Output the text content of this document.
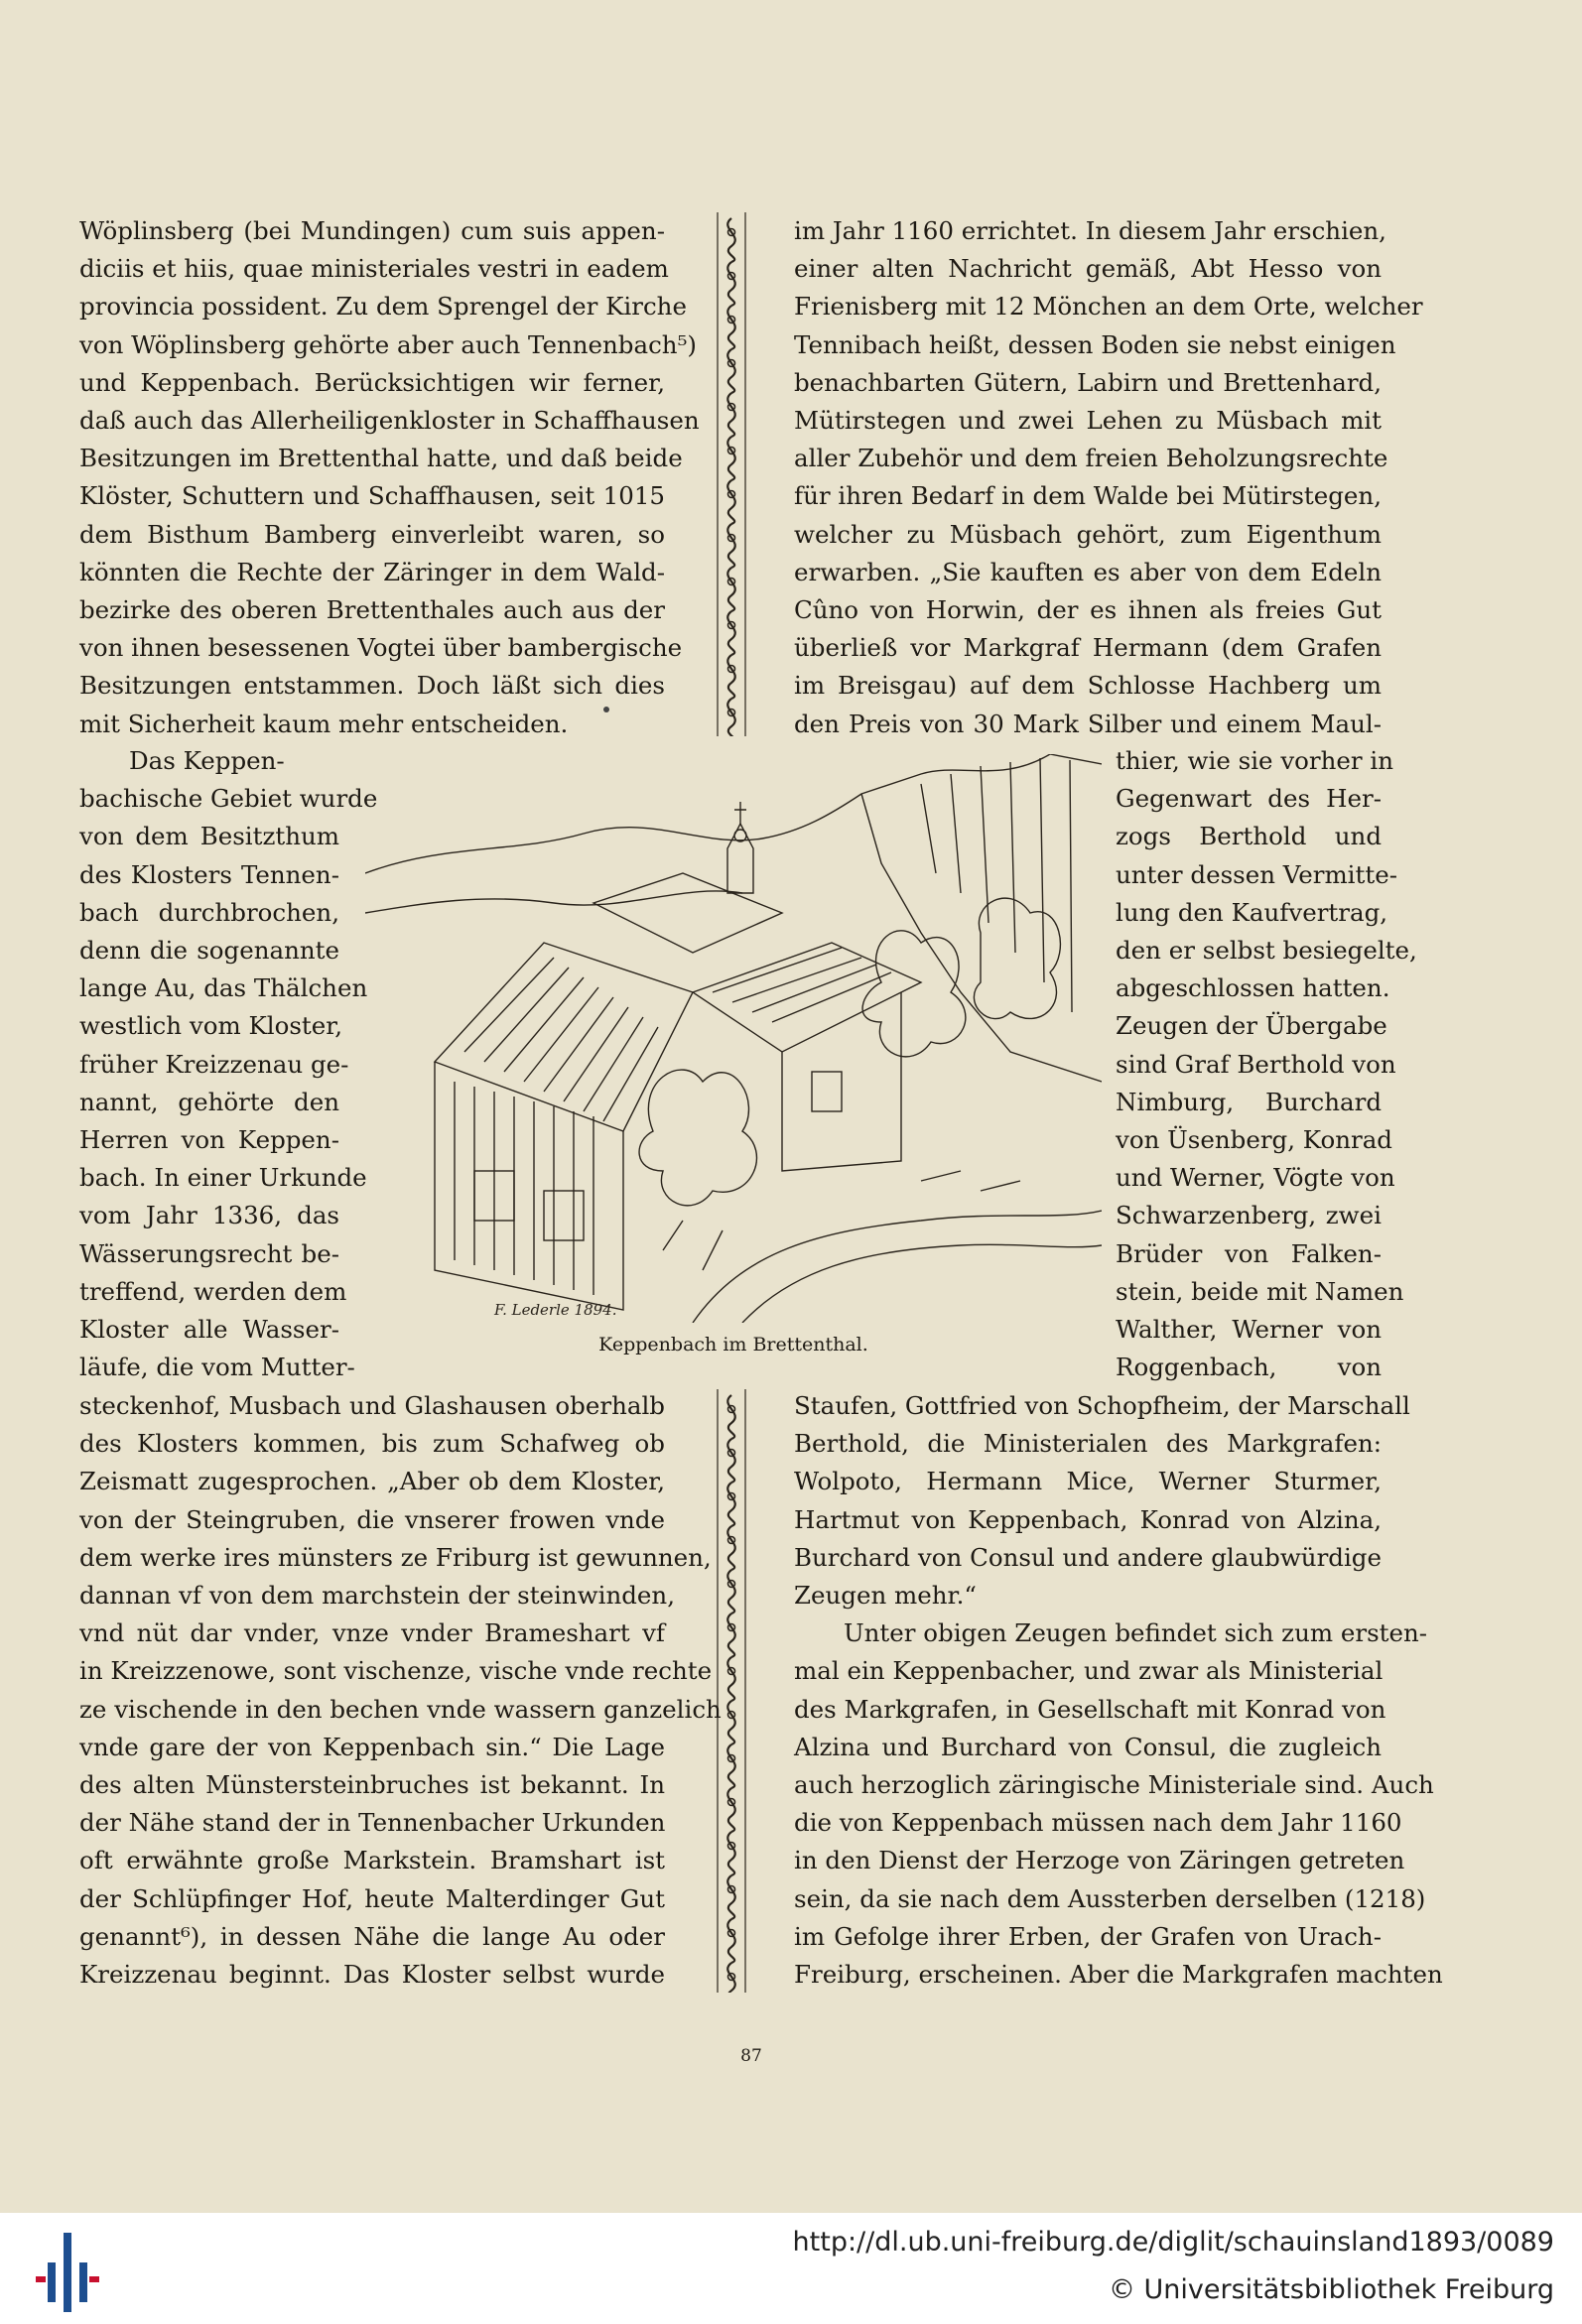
Wöplinsberg (bei Mundingen) cum suis appen-
diciis et hiis, quae ministeriales vestri in eadem
provincia possident. Zu dem Sprengel der Kirche
von Wöplinsberg gehörte aber auch Tennenbach⁵)
und Keppenbach. Berücksichtigen wir ferner,
daß auch das Allerheiligenkloster in Schaffhausen
Besitzungen im Brettenthal hatte, und daß beide
Klöster, Schuttern und Schaffhausen, seit 1015
dem Bisthum Bamberg einverleibt waren, so
könnten die Rechte der Zäringer in dem Wald-
bezirke des oberen Brettenthales auch aus der
von ihnen besessenen Vogtei über bambergische
Besitzungen entstammen. Doch läßt sich dies
mit Sicherheit kaum mehr entscheiden.
im Jahr 1160 errichtet. In diesem Jahr erschien,
einer alten Nachricht gemäß, Abt Hesso von
Frienisberg mit 12 Mönchen an dem Orte, welcher
Tennibach heißt, dessen Boden sie nebst einigen
benachbarten Gütern, Labirn und Brettenhard,
Mütirstegen und zwei Lehen zu Müsbach mit
aller Zubehör und dem freien Beholzungsrechte
für ihren Bedarf in dem Walde bei Mütirstegen,
welcher zu Müsbach gehört, zum Eigenthum
erwarben. „Sie kauften es aber von dem Edeln
Cûno von Horwin, der es ihnen als freies Gut
überließ vor Markgraf Hermann (dem Grafen
im Breisgau) auf dem Schlosse Hachberg um
den Preis von 30 Mark Silber und einem Maul-
Das Keppen-
bachische Gebiet wurde
von dem Besitzthum
des Klosters Tennen-
bach durchbrochen,
denn die sogenannte
lange Au, das Thälchen
westlich vom Kloster,
früher Kreizzenau ge-
nannt, gehörte den
Herren von Keppen-
bach. In einer Urkunde
vom Jahr 1336, das
Wässerungsrecht be-
treffend, werden dem
Kloster alle Wasser-
läufe, die vom Mutter-
thier, wie sie vorher in
Gegenwart des Her-
zogs Berthold und
unter dessen Vermitte-
lung den Kaufvertrag,
den er selbst besiegelte,
abgeschlossen hatten.
Zeugen der Übergabe
sind Graf Berthold von
Nimburg, Burchard
von Üsenberg, Konrad
und Werner, Vögte von
Schwarzenberg, zwei
Brüder von Falken-
stein, beide mit Namen
Walther, Werner von
Roggenbach, von
F. Lederle 1894.
Keppenbach im Brettenthal.
steckenhof, Musbach und Glashausen oberhalb
des Klosters kommen, bis zum Schafweg ob
Zeismatt zugesprochen. „Aber ob dem Kloster,
von der Steingruben, die vnserer frowen vnde
dem werke ires münsters ze Friburg ist gewunnen,
dannan vf von dem marchstein der steinwinden,
vnd nüt dar vnder, vnze vnder Brameshart vf
in Kreizzenowe, sont vischenze, vische vnde rechte
ze vischende in den bechen vnde wassern ganzelich
vnde gare der von Keppenbach sin.“ Die Lage
des alten Münstersteinbruches ist bekannt. In
der Nähe stand der in Tennenbacher Urkunden
oft erwähnte große Markstein. Bramshart ist
der Schlüpfinger Hof, heute Malterdinger Gut
genannt⁶), in dessen Nähe die lange Au oder
Kreizzenau beginnt. Das Kloster selbst wurde
Staufen, Gottfried von Schopfheim, der Marschall
Berthold, die Ministerialen des Markgrafen:
Wolpoto, Hermann Mice, Werner Sturmer,
Hartmut von Keppenbach, Konrad von Alzina,
Burchard von Consul und andere glaubwürdige
Zeugen mehr.“
Unter obigen Zeugen befindet sich zum ersten-
mal ein Keppenbacher, und zwar als Ministerial
des Markgrafen, in Gesellschaft mit Konrad von
Alzina und Burchard von Consul, die zugleich
auch herzoglich zäringische Ministeriale sind. Auch
die von Keppenbach müssen nach dem Jahr 1160
in den Dienst der Herzoge von Zäringen getreten
sein, da sie nach dem Aussterben derselben (1218)
im Gefolge ihrer Erben, der Grafen von Urach-
Freiburg, erscheinen. Aber die Markgrafen machten
87
http://dl.ub.uni-freiburg.de/diglit/schauinsland1893/0089
© Universitätsbibliothek Freiburg
